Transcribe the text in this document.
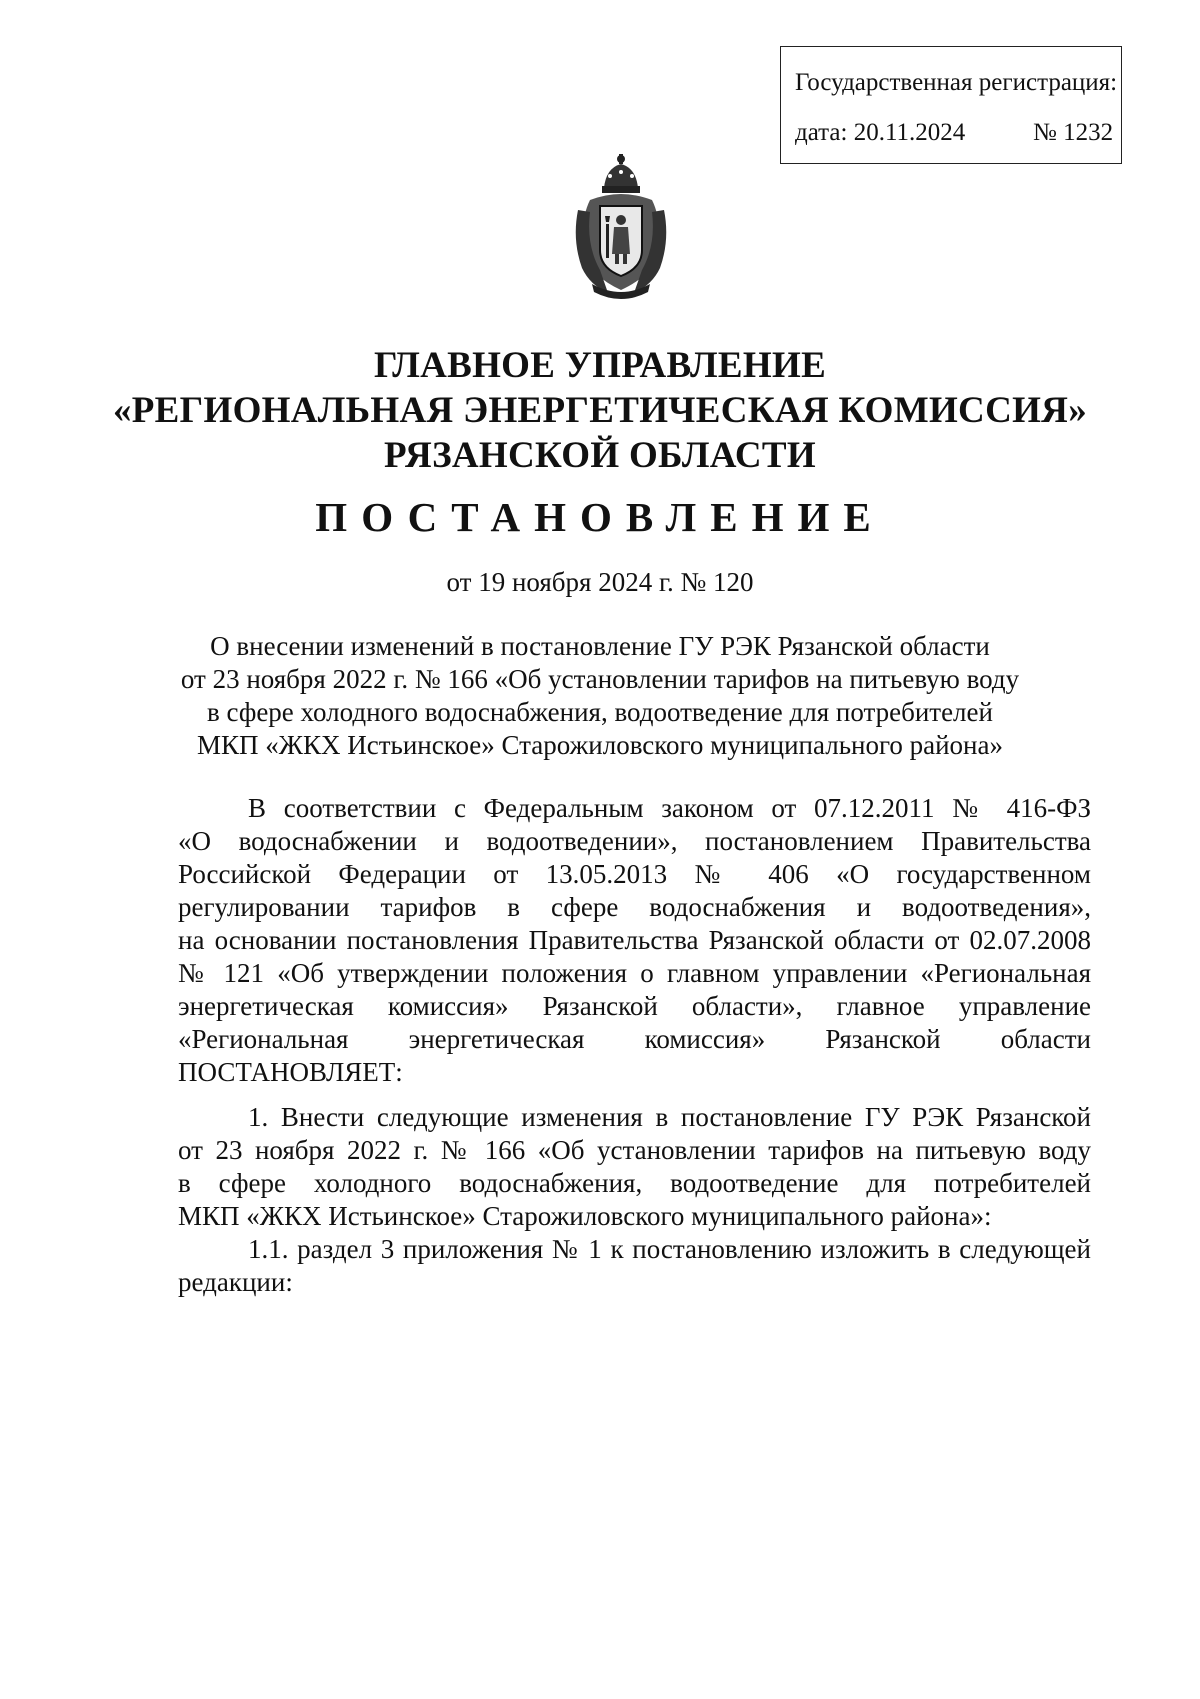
Государственная регистрация:
дата: 20.11.2024	№ 1232
ГЛАВНОЕ УПРАВЛЕНИЕ
«РЕГИОНАЛЬНАЯ ЭНЕРГЕТИЧЕСКАЯ КОМИССИЯ»
РЯЗАНСКОЙ ОБЛАСТИ
ПОСТАНОВЛЕНИЕ
от 19 ноября 2024 г. № 120
О внесении изменений в постановление ГУ РЭК Рязанской области
от 23 ноября 2022 г. № 166 «Об установлении тарифов на питьевую воду
в сфере холодного водоснабжения, водоотведение для потребителей
МКП «ЖКХ Истьинское» Старожиловского муниципального района»
В соответствии с Федеральным законом от 07.12.2011 № 416-ФЗ
«О водоснабжении и водоотведении», постановлением Правительства
Российской Федерации от 13.05.2013 № 406 «О государственном
регулировании тарифов в сфере водоснабжения и водоотведения»,
на основании постановления Правительства Рязанской области от 02.07.2008
№ 121 «Об утверждении положения о главном управлении «Региональная
энергетическая комиссия» Рязанской области», главное управление
«Региональная энергетическая комиссия» Рязанской области
ПОСТАНОВЛЯЕТ:
1. Внести следующие изменения в постановление ГУ РЭК Рязанской
от 23 ноября 2022 г. № 166 «Об установлении тарифов на питьевую воду
в сфере холодного водоснабжения, водоотведение для потребителей
МКП «ЖКХ Истьинское» Старожиловского муниципального района»:
1.1. раздел 3 приложения № 1 к постановлению изложить в следующей
редакции:
